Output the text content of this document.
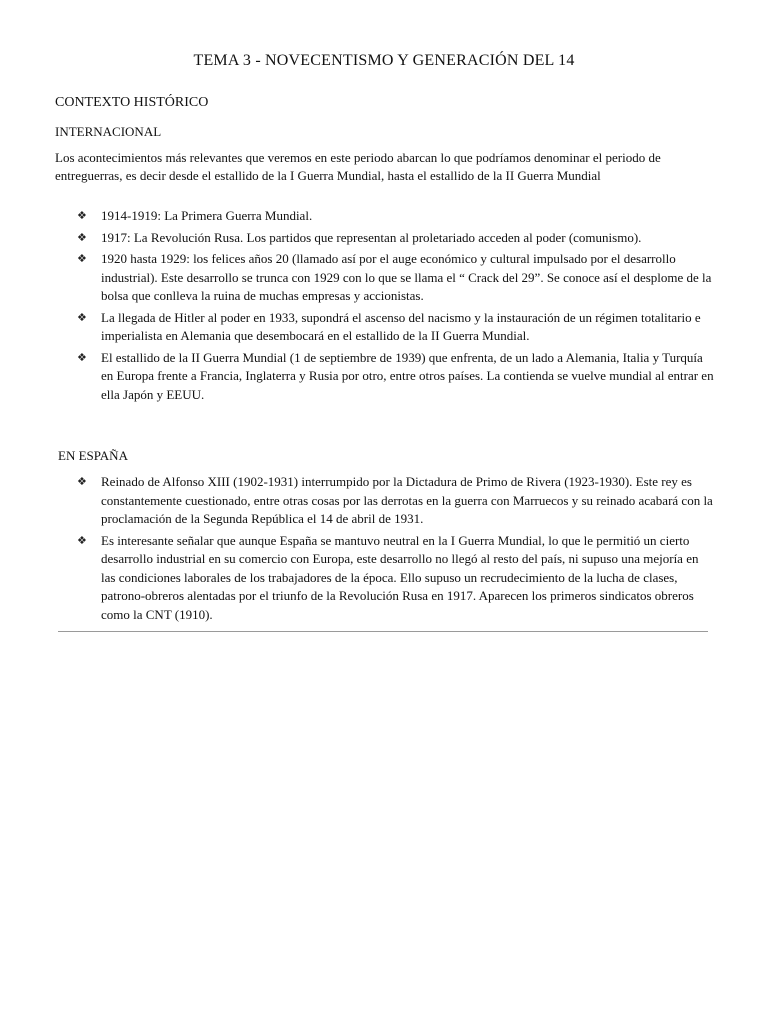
TEMA 3 - NOVECENTISMO Y GENERACIÓN DEL 14
CONTEXTO HISTÓRICO
INTERNACIONAL
Los acontecimientos más relevantes que veremos en este periodo abarcan lo que podríamos denominar el periodo de entreguerras, es decir desde el estallido de la I Guerra Mundial, hasta el estallido de la II Guerra Mundial
❖ 1914-1919: La Primera Guerra Mundial.
❖ 1917: La Revolución Rusa. Los partidos que representan al proletariado acceden al poder (comunismo).
❖ 1920 hasta 1929: los felices años 20 (llamado así por el auge económico y cultural impulsado por el desarrollo industrial). Este desarrollo se trunca con 1929 con lo que se llama el “ Crack del 29”. Se conoce así el desplome de la bolsa que conlleva la ruina de muchas empresas y accionistas.
❖ La llegada de Hitler al poder en 1933, supondrá el ascenso del nacismo y la instauración de un régimen totalitario e imperialista en Alemania que desembocará en el estallido de la II Guerra Mundial.
❖ El estallido de la II Guerra Mundial (1 de septiembre de 1939) que enfrenta, de un lado a Alemania, Italia y Turquía en Europa frente a Francia, Inglaterra y Rusia por otro, entre otros países. La contienda se vuelve mundial al entrar en ella Japón y EEUU.
EN ESPAÑA
❖ Reinado de Alfonso XIII (1902-1931) interrumpido por la Dictadura de Primo de Rivera (1923-1930). Este rey es constantemente cuestionado, entre otras cosas por las derrotas en la guerra con Marruecos y su reinado acabará con la proclamación de la Segunda República el 14 de abril de 1931.
❖ Es interesante señalar que aunque España se mantuvo neutral en la I Guerra Mundial, lo que le permitió un cierto desarrollo industrial en su comercio con Europa, este desarrollo no llegó al resto del país, ni supuso una mejoría en las condiciones laborales de los trabajadores de la época. Ello supuso un recrudecimiento de la lucha de clases, patrono-obreros alentadas por el triunfo de la Revolución Rusa en 1917. Aparecen los primeros sindicatos obreros como la CNT (1910).
